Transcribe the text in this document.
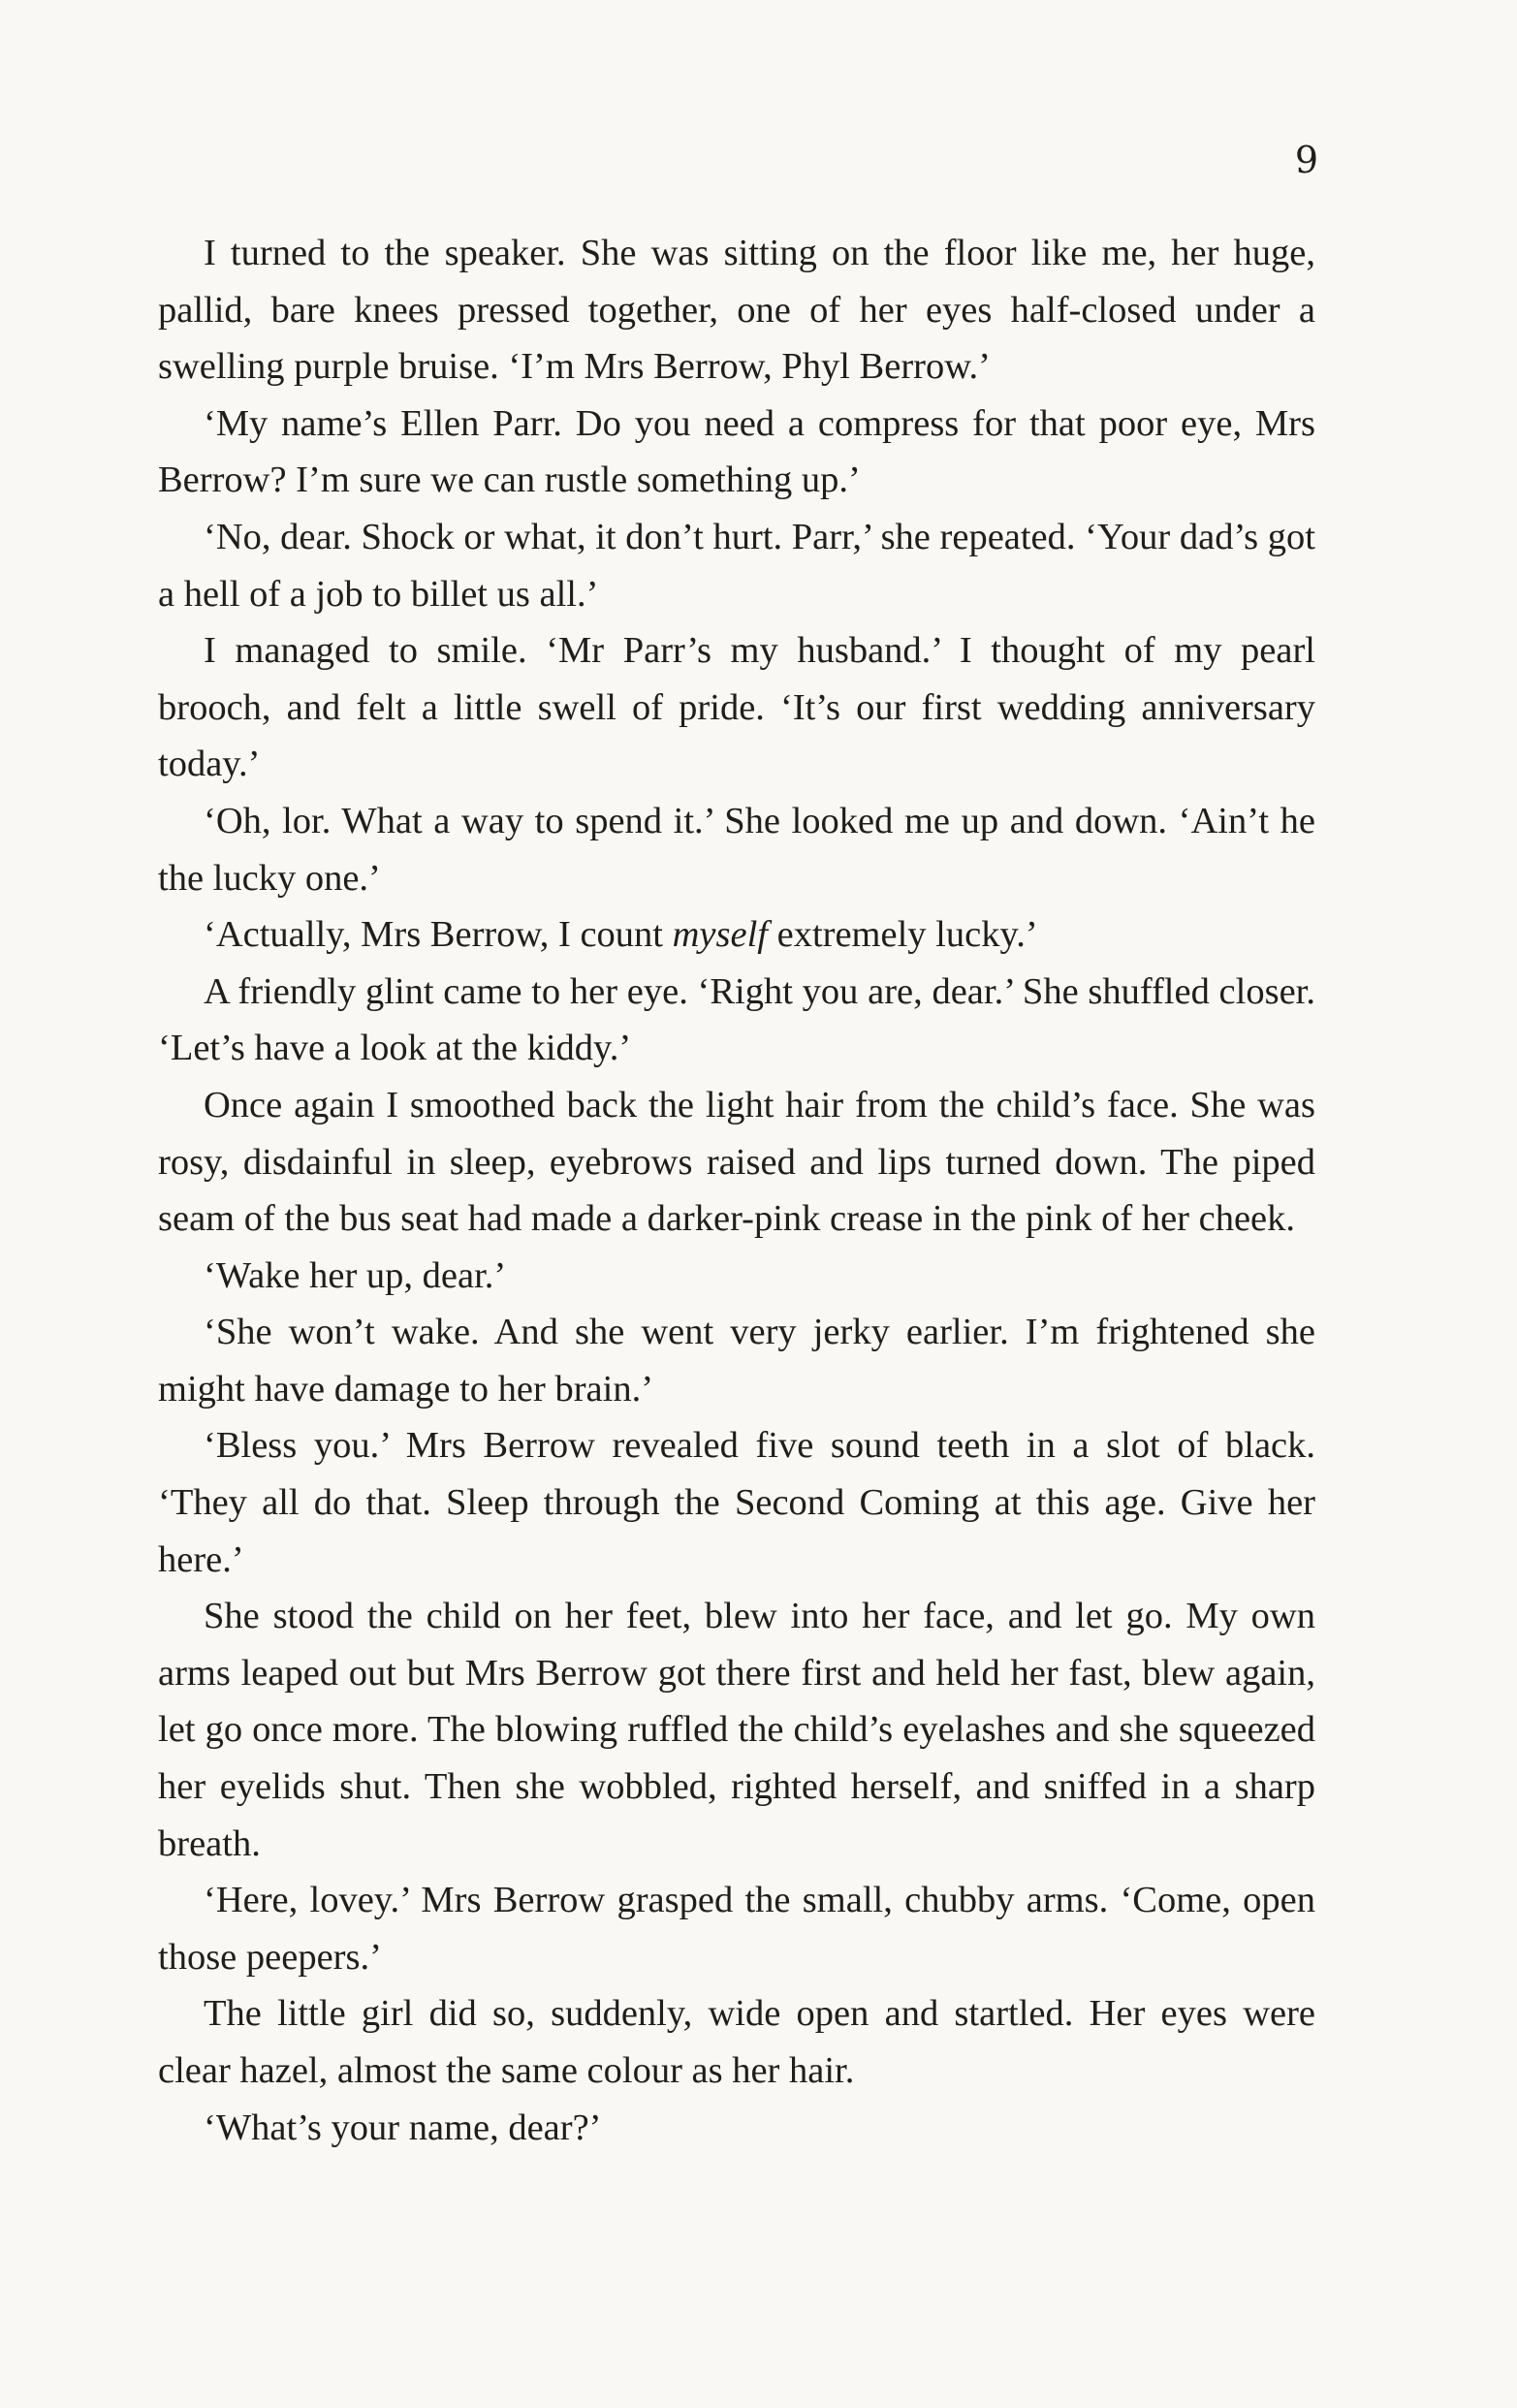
9

I turned to the speaker. She was sitting on the floor like me, her huge, pallid, bare knees pressed together, one of her eyes half-closed under a swelling purple bruise. ‘I’m Mrs Berrow, Phyl Berrow.’

‘My name’s Ellen Parr. Do you need a compress for that poor eye, Mrs Berrow? I’m sure we can rustle something up.’

‘No, dear. Shock or what, it don’t hurt. Parr,’ she repeated. ‘Your dad’s got a hell of a job to billet us all.’

I managed to smile. ‘Mr Parr’s my husband.’ I thought of my pearl brooch, and felt a little swell of pride. ‘It’s our first wedding anniversary today.’

‘Oh, lor. What a way to spend it.’ She looked me up and down. ‘Ain’t he the lucky one.’

‘Actually, Mrs Berrow, I count myself extremely lucky.’

A friendly glint came to her eye. ‘Right you are, dear.’ She shuffled closer. ‘Let’s have a look at the kiddy.’

Once again I smoothed back the light hair from the child’s face. She was rosy, disdainful in sleep, eyebrows raised and lips turned down. The piped seam of the bus seat had made a darker-pink crease in the pink of her cheek.

‘Wake her up, dear.’

‘She won’t wake. And she went very jerky earlier. I’m frightened she might have damage to her brain.’

‘Bless you.’ Mrs Berrow revealed five sound teeth in a slot of black. ‘They all do that. Sleep through the Second Coming at this age. Give her here.’

She stood the child on her feet, blew into her face, and let go. My own arms leaped out but Mrs Berrow got there first and held her fast, blew again, let go once more. The blowing ruffled the child’s eyelashes and she squeezed her eyelids shut. Then she wobbled, righted herself, and sniffed in a sharp breath.

‘Here, lovey.’ Mrs Berrow grasped the small, chubby arms. ‘Come, open those peepers.’

The little girl did so, suddenly, wide open and startled. Her eyes were clear hazel, almost the same colour as her hair.

‘What’s your name, dear?’
